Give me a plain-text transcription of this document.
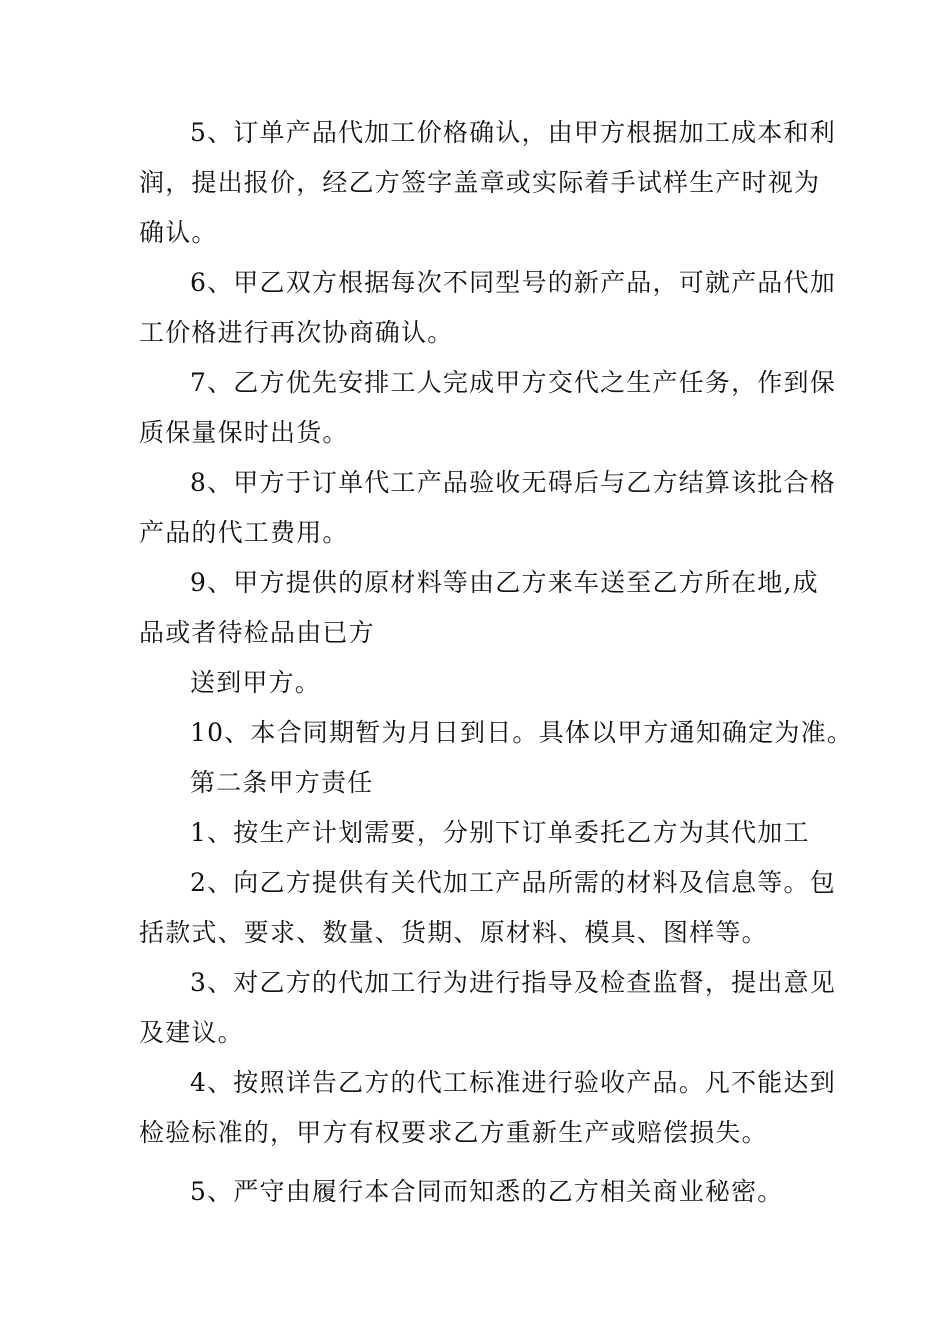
5、订单产品代加工价格确认，由甲方根据加工成本和利

润，提出报价，经乙方签字盖章或实际着手试样生产时视为

确认。

6、甲乙双方根据每次不同型号的新产品，可就产品代加

工价格进行再次协商确认。

7、乙方优先安排工人完成甲方交代之生产任务，作到保

质保量保时出货。

8、甲方于订单代工产品验收无碍后与乙方结算该批合格

产品的代工费用。

9、甲方提供的原材料等由乙方来车送至乙方所在地,成

品或者待检品由已方

送到甲方。

10、本合同期暂为月日到日。具体以甲方通知确定为准。

第二条甲方责任

1、按生产计划需要，分别下订单委托乙方为其代加工

2、向乙方提供有关代加工产品所需的材料及信息等。包

括款式、要求、数量、货期、原材料、模具、图样等。

3、对乙方的代加工行为进行指导及检查监督，提出意见

及建议。

4、按照详告乙方的代工标准进行验收产品。凡不能达到

检验标准的，甲方有权要求乙方重新生产或赔偿损失。

5、严守由履行本合同而知悉的乙方相关商业秘密。
